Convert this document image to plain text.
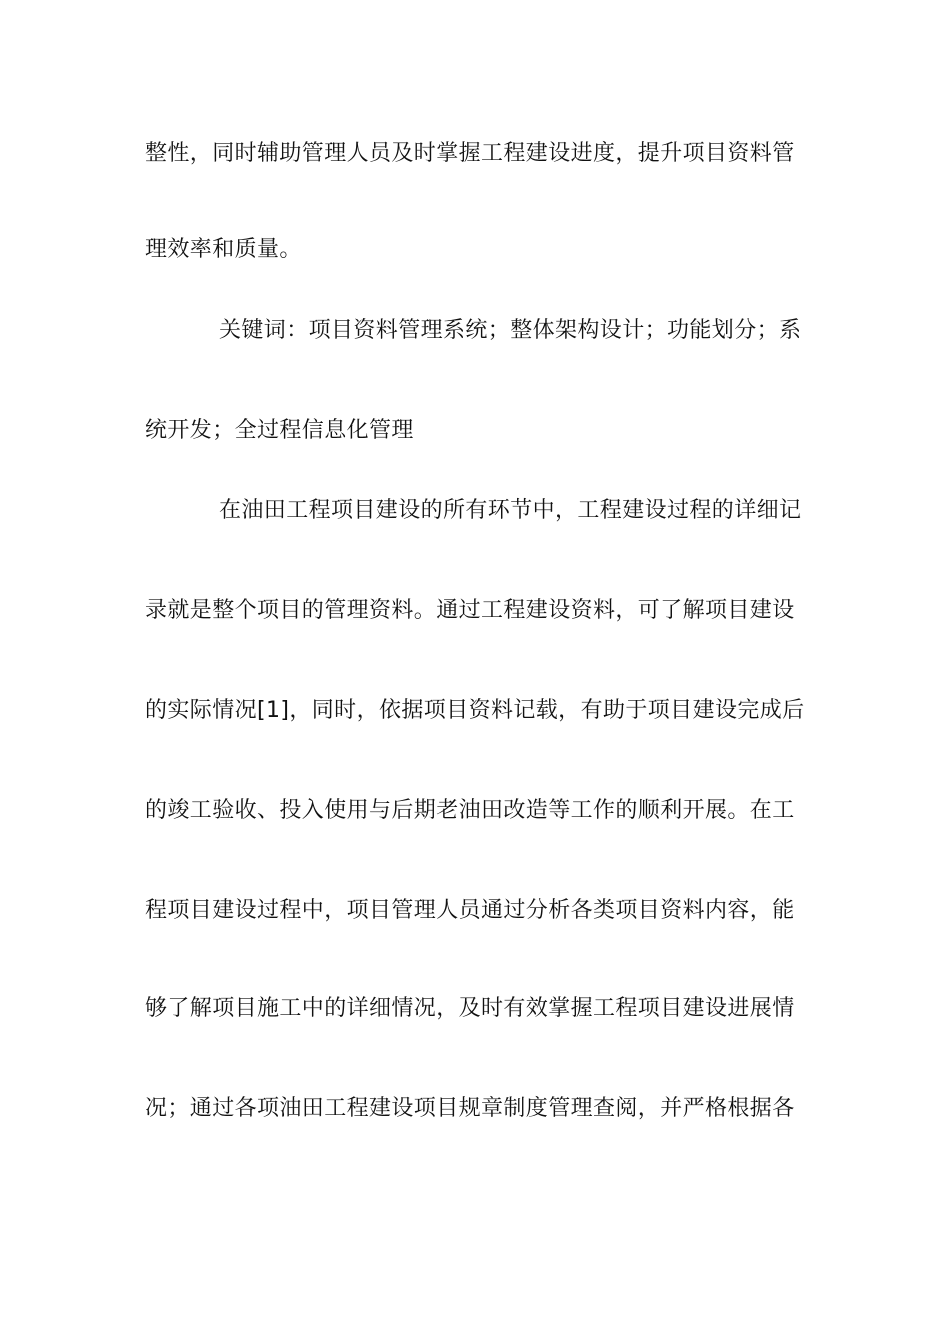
整性，同时辅助管理人员及时掌握工程建设进度，提升项目资料管
理效率和质量。
关键词：项目资料管理系统；整体架构设计；功能划分；系
统开发；全过程信息化管理
在油田工程项目建设的所有环节中，工程建设过程的详细记
录就是整个项目的管理资料。通过工程建设资料，可了解项目建设
的实际情况[1]，同时，依据项目资料记载，有助于项目建设完成后
的竣工验收、投入使用与后期老油田改造等工作的顺利开展。在工
程项目建设过程中，项目管理人员通过分析各类项目资料内容，能
够了解项目施工中的详细情况，及时有效掌握工程项目建设进展情
况；通过各项油田工程建设项目规章制度管理查阅，并严格根据各
